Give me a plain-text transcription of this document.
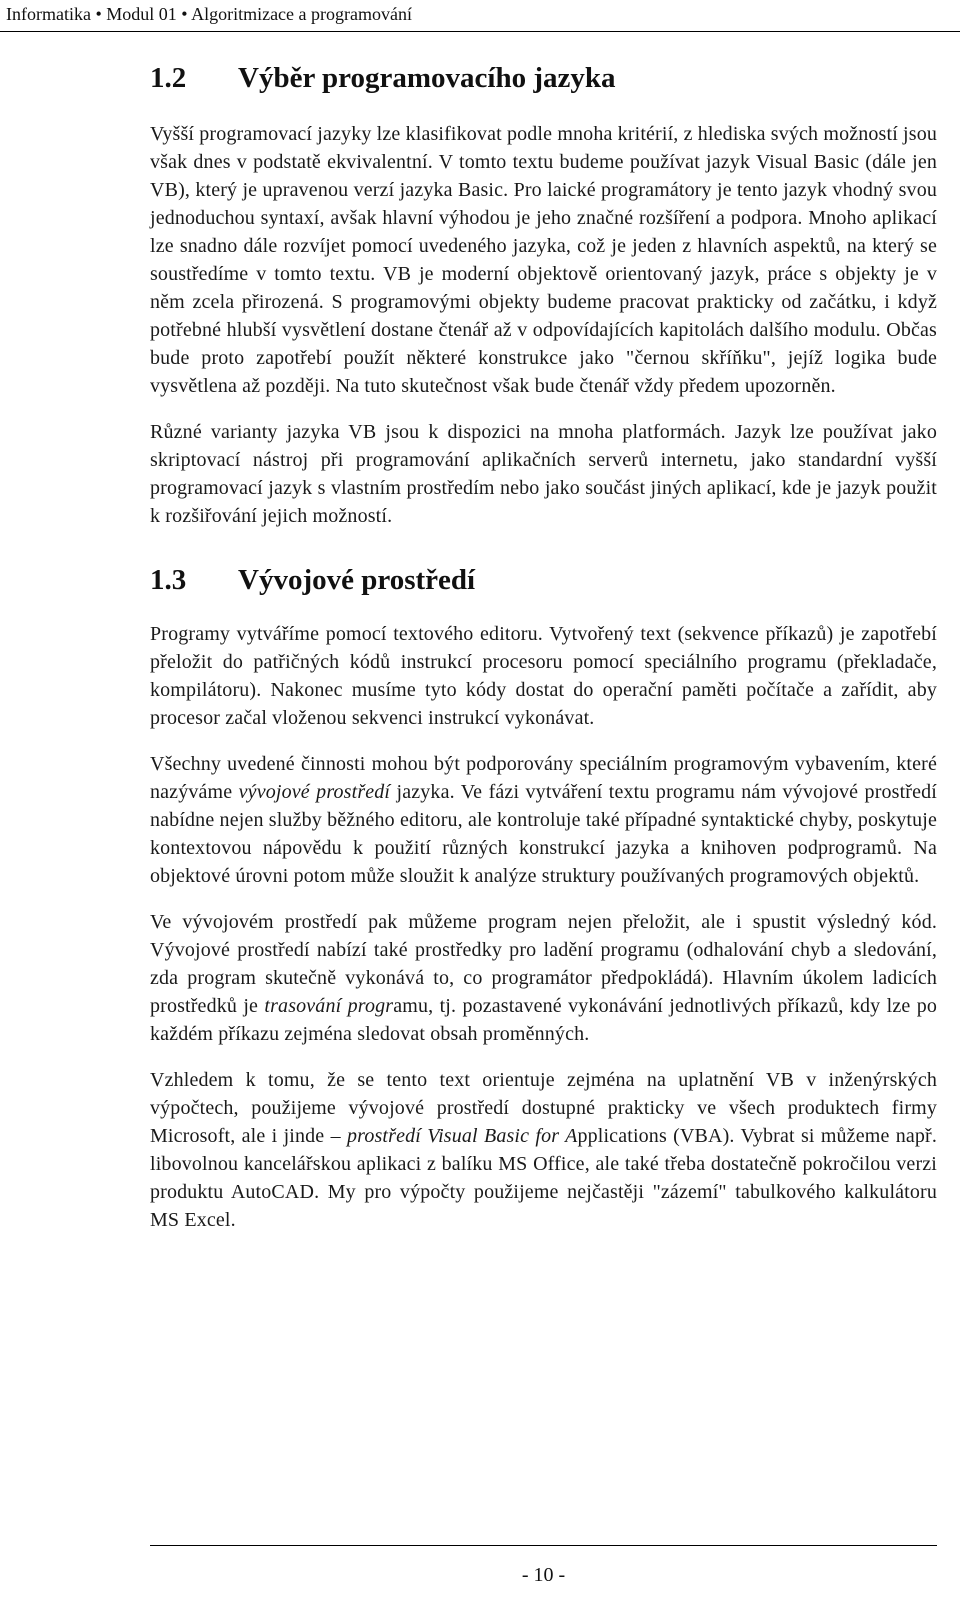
Informatika • Modul 01 • Algoritmizace a programování
1.2	Výběr programovacího jazyka

Vyšší programovací jazyky lze klasifikovat podle mnoha kritérií, z hlediska svých možností jsou však dnes v podstatě ekvivalentní. V tomto textu budeme používat jazyk Visual Basic (dále jen VB), který je upravenou verzí jazyka Basic. Pro laické programátory je tento jazyk vhodný svou jednoduchou syntaxí, avšak hlavní výhodou je jeho značné rozšíření a podpora. Mnoho aplikací lze snadno dále rozvíjet pomocí uvedeného jazyka, což je jeden z hlavních aspektů, na který se soustředíme v tomto textu. VB je moderní objektově orientovaný jazyk, práce s objekty je v něm zcela přirozená. S programovými objekty budeme pracovat prakticky od začátku, i když potřebné hlubší vysvětlení dostane čtenář až v odpovídajících kapitolách dalšího modulu. Občas bude proto zapotřebí použít některé konstrukce jako "černou skříňku", jejíž logika bude vysvětlena až později. Na tuto skutečnost však bude čtenář vždy předem upozorněn.

Různé varianty jazyka VB jsou k dispozici na mnoha platformách. Jazyk lze používat jako skriptovací nástroj při programování aplikačních serverů internetu, jako standardní vyšší programovací jazyk s vlastním prostředím nebo jako součást jiných aplikací, kde je jazyk použit k rozšiřování jejich možností.

1.3	Vývojové prostředí

Programy vytváříme pomocí textového editoru. Vytvořený text (sekvence příkazů) je zapotřebí přeložit do patřičných kódů instrukcí procesoru pomocí speciálního programu (překladače, kompilátoru). Nakonec musíme tyto kódy dostat do operační paměti počítače a zařídit, aby procesor začal vloženou sekvenci instrukcí vykonávat.

Všechny uvedené činnosti mohou být podporovány speciálním programovým vybavením, které nazýváme vývojové prostředí jazyka. Ve fázi vytváření textu programu nám vývojové prostředí nabídne nejen služby běžného editoru, ale kontroluje také případné syntaktické chyby, poskytuje kontextovou nápovědu k použití různých konstrukcí jazyka a knihoven podprogramů. Na objektové úrovni potom může sloužit k analýze struktury používaných programových objektů.

Ve vývojovém prostředí pak můžeme program nejen přeložit, ale i spustit výsledný kód. Vývojové prostředí nabízí také prostředky pro ladění programu (odhalování chyb a sledování, zda program skutečně vykonává to, co programátor předpokládá). Hlavním úkolem ladicích prostředků je trasování programu, tj. pozastavené vykonávání jednotlivých příkazů, kdy lze po každém příkazu zejména sledovat obsah proměnných.

Vzhledem k tomu, že se tento text orientuje zejména na uplatnění VB v inženýrských výpočtech, použijeme vývojové prostředí dostupné prakticky ve všech produktech firmy Microsoft, ale i jinde – prostředí Visual Basic for Applications (VBA). Vybrat si můžeme např. libovolnou kancelářskou aplikaci z balíku MS Office, ale také třeba dostatečně pokročilou verzi produktu AutoCAD. My pro výpočty použijeme nejčastěji "zázemí" tabulkového kalkulátoru MS Excel.

- 10 -
